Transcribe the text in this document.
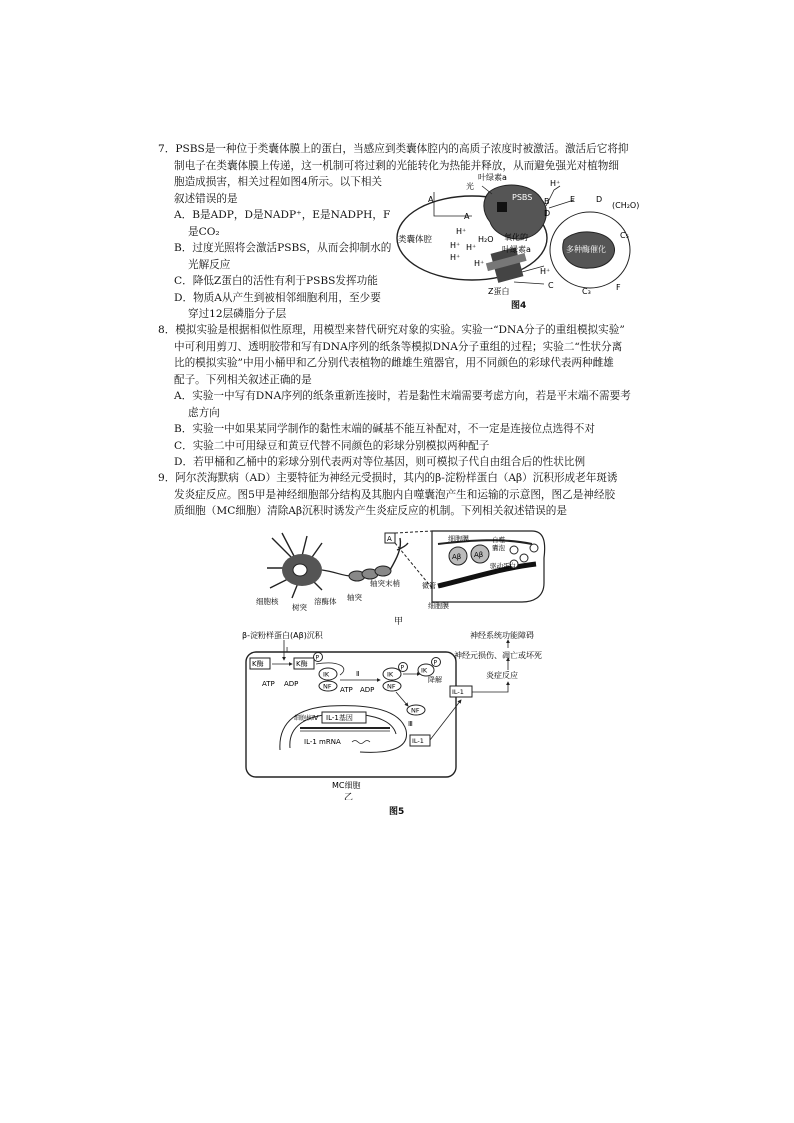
7．PSBS是一种位于类囊体膜上的蛋白，当感应到类囊体腔内的高质子浓度时被激活。激活后它将抑

制电子在类囊体膜上传递，这一机制可将过剩的光能转化为热能并释放，从而避免强光对植物细

胞造成损害，相关过程如图4所示。以下相关

叙述错误的是

A．B是ADP，D是NADP⁺，E是NADPH，F

是CO₂

B．过度光照将会激活PSBS，从而会抑制水的

光解反应

C．降低Z蛋白的活性有利于PSBS发挥功能

D．物质A从产生到被相邻细胞利用，至少要

穿过12层磷脂分子层

光
叶绿素a
PSBS
A
A
B
D
H⁺
E	D
(CH₂O)
C₅
C₃	F
C
H⁺
类囊体腔
H⁺
H⁺ H⁺
H⁺
H⁺
H₂O 氧化的
叶绿素a
Z蛋白
多种酶催化
图4

8．模拟实验是根据相似性原理，用模型来替代研究对象的实验。实验一“DNA分子的重组模拟实验”

中可利用剪刀、透明胶带和写有DNA序列的纸条等模拟DNA分子重组的过程；实验二“性状分离

比的模拟实验”中用小桶甲和乙分别代表植物的雌雄生殖器官，用不同颜色的彩球代表两种雌雄

配子。下列相关叙述正确的是

A．实验一中写有DNA序列的纸条重新连接时，若是黏性末端需要考虑方向，若是平末端不需要考

虑方向

B．实验一中如果某同学制作的黏性末端的碱基不能互补配对，不一定是连接位点选得不对

C．实验二中可用绿豆和黄豆代替不同颜色的彩球分别模拟两种配子

D．若甲桶和乙桶中的彩球分别代表两对等位基因，则可模拟子代自由组合后的性状比例

9．阿尔茨海默病（AD）主要特征为神经元受损时，其内的β-淀粉样蛋白（Aβ）沉积形成老年斑诱

发炎症反应。图5甲是神经细胞部分结构及其胞内自噬囊泡产生和运输的示意图，图乙是神经胶

质细胞（MC细胞）清除Aβ沉积时诱发产生炎症反应的机制。下列相关叙述错误的是

A
Aβ Aβ
细胞膜	自噬
囊泡
驱动蛋白
微管
细胞膜
细胞核
树突
溶酶体 轴突
轴突末梢
甲
β-淀粉样蛋白(Aβ)沉积
I
K酶	K酶
P
ATP ADP
IK
NF
Ⅱ
ATP ADP
IK
P
NF
IK
P
降解
NF
Ⅲ
细胞核 IL-1基因
Ⅳ
IL-1 mRNA	IL-1
IL-1
炎症反应
神经元损伤、凋亡或坏死
神经系统功能障碍
MC细胞
乙
图5
